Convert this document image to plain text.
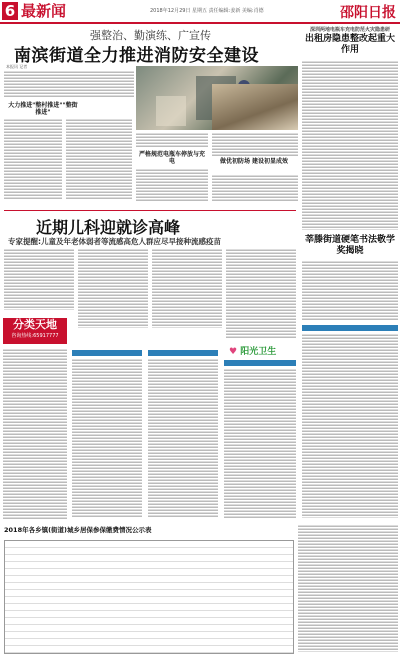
6 最新闻	2018年12月29日 星期五 责任编辑:姜新 美编:肖德	邵阳日报
强整治、勤演练、广宣传
南滨街道全力推进消防安全建设
本报讯 记者
大力推进"整村推进""整街推进"
严格规范电瓶车停放与充电	做优初防场 建设初显成效
深圳两地电瓶车充电防范火灾隐患研
出租房隐患整改起重大作用
莘滕街道硬笔书法敬学奖揭晓
近期儿科迎就诊高峰
专家提醒:儿童及年老体弱者等流感高危人群应尽早接种流感疫苗
♥ 阳光卫生
分类天地
咨询热线:65917777
2018年各乡镇(街道)城乡居保参保缴费情况公示表
